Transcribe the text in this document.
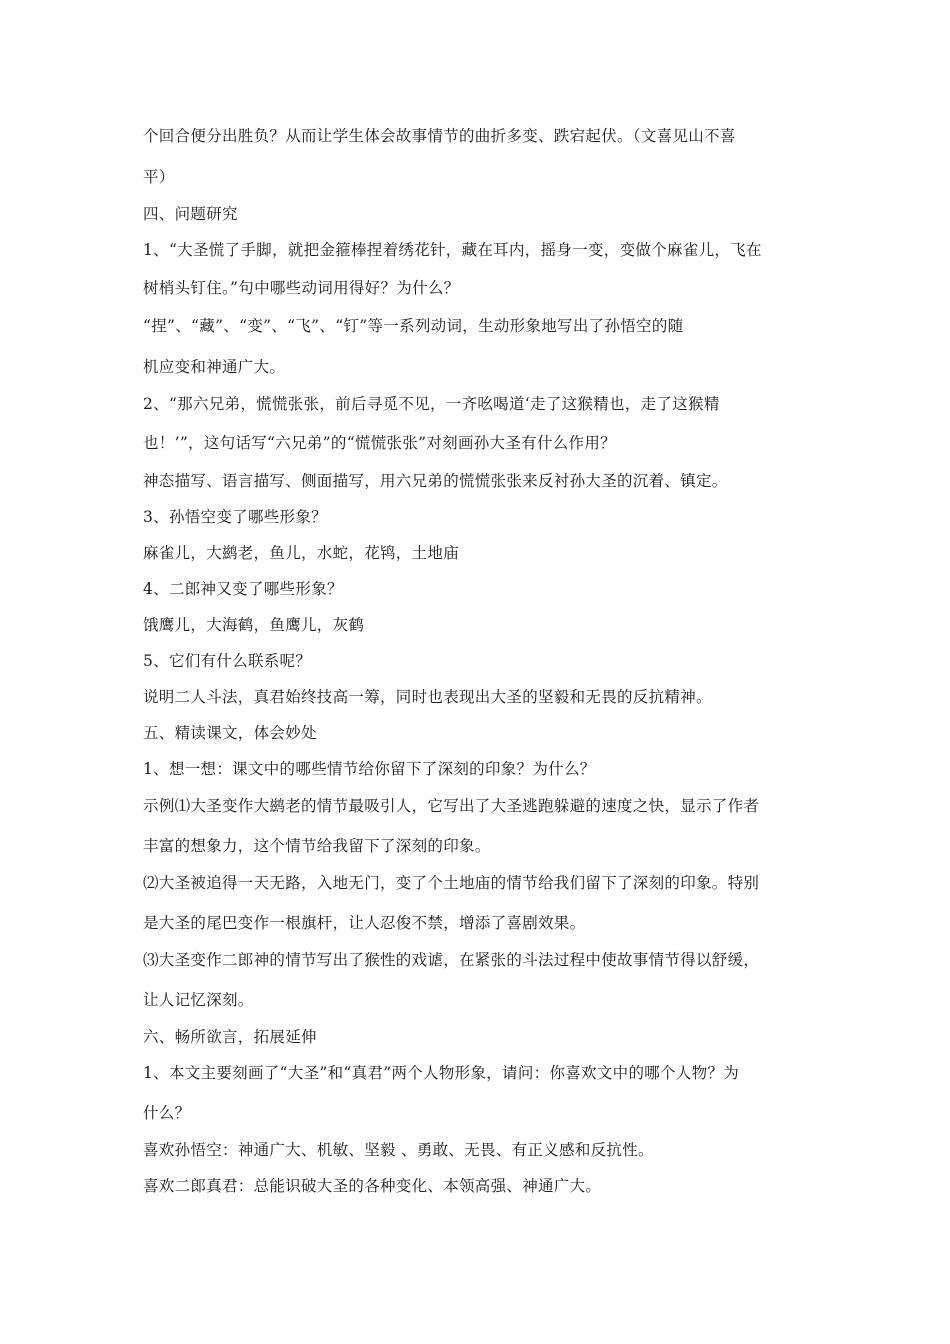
个回合便分出胜负？从而让学生体会故事情节的曲折多变、跌宕起伏。（文喜见山不喜
平）
四、问题研究
1、“大圣慌了手脚，就把金箍棒捏着绣花针，藏在耳内，摇身一变，变做个麻雀儿，飞在
树梢头钉住。”句中哪些动词用得好？为什么？
“捏”、“藏”、“变”、“飞”、“钉”等一系列动词，生动形象地写出了孙悟空的随
机应变和神通广大。
2、“那六兄弟，慌慌张张，前后寻觅不见，一齐吆喝道‘走了这猴精也，走了这猴精
也！’”，这句话写“六兄弟”的“慌慌张张”对刻画孙大圣有什么作用？
神态描写、语言描写、侧面描写，用六兄弟的慌慌张张来反衬孙大圣的沉着、镇定。
3、孙悟空变了哪些形象？
麻雀儿，大鹚老，鱼儿，水蛇，花鸨，土地庙
4、二郎神又变了哪些形象？
饿鹰儿，大海鹤，鱼鹰儿，灰鹤
5、它们有什么联系呢？
说明二人斗法，真君始终技高一筹，同时也表现出大圣的坚毅和无畏的反抗精神。
五、精读课文，体会妙处
1、想一想：课文中的哪些情节给你留下了深刻的印象？为什么？
示例⑴大圣变作大鹚老的情节最吸引人，它写出了大圣逃跑躲避的速度之快，显示了作者
丰富的想象力，这个情节给我留下了深刻的印象。
⑵大圣被追得一天无路，入地无门，变了个土地庙的情节给我们留下了深刻的印象。特别
是大圣的尾巴变作一根旗杆，让人忍俊不禁，增添了喜剧效果。
⑶大圣变作二郎神的情节写出了猴性的戏谑，在紧张的斗法过程中使故事情节得以舒缓，
让人记忆深刻。
六、畅所欲言，拓展延伸
1、本文主要刻画了“大圣”和“真君”两个人物形象，请问：你喜欢文中的哪个人物？为
什么？
喜欢孙悟空：神通广大、机敏、坚毅 、勇敢、无畏、有正义感和反抗性。
喜欢二郎真君：总能识破大圣的各种变化、本领高强、神通广大。
